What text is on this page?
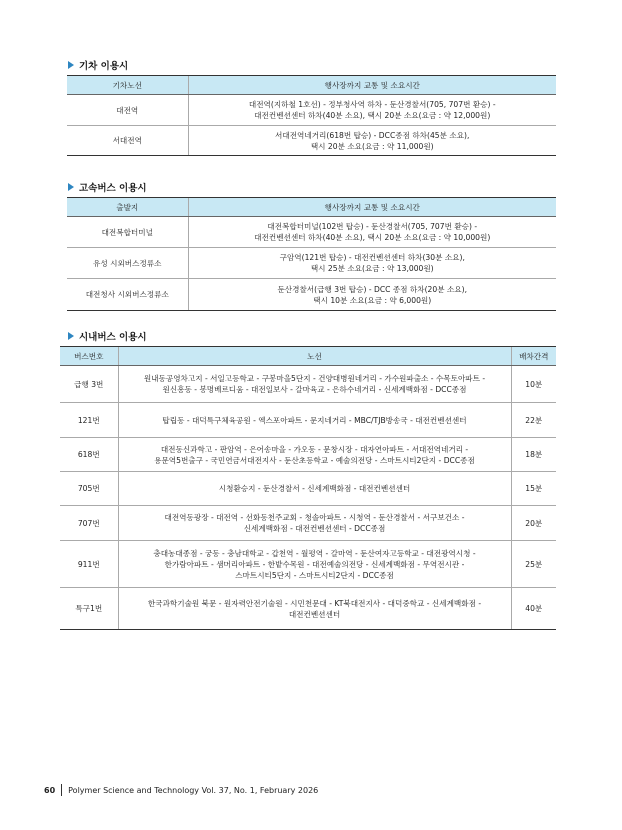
기차 이용시
기차노선	행사장까지 교통 및 소요시간
대전역	대전역(지하철 1호선) - 정부청사역 하차 - 둔산경찰서(705, 707번 환승) -
대전컨벤션센터 하차(40분 소요), 택시 20분 소요(요금 : 약 12,000원)
서대전역	서대전역네거리(618번 탑승) - DCC종점 하차(45분 소요),
택시 20분 소요(요금 : 약 11,000원)
고속버스 이용시
출발지	행사장까지 교통 및 소요시간
대전복합터미널	대전복합터미널(102번 탑승) - 둔산경찰서(705, 707번 환승) -
대전컨벤션센터 하차(40분 소요), 택시 20분 소요(요금 : 약 10,000원)
유성 시외버스정류소	구암역(121번 탑승) - 대전컨벤션센터 하차(30분 소요),
택시 25분 소요(요금 : 약 13,000원)
대전청사 시외버스정류소	둔산경찰서(급행 3번 탑승) - DCC 종점 하차(20분 소요),
택시 10분 소요(요금 : 약 6,000원)
시내버스 이용시
버스번호	노선	배차간격
급행 3번	원내동공영차고지 - 서일고등학교 - 구봉마을5단지 - 건양대병원네거리 - 가수원파출소 - 수목토아파트 -
원신흥동 - 봉명베르디움 - 대전일보사 - 갈마육교 - 은하수네거리 - 신세계백화점 - DCC종점	10분
121번	탑립동 - 대덕특구체육공원 - 엑스포아파트 - 문지네거리 - MBC/TJB방송국 - 대전컨벤션센터	22분
618번	대전동신과학고 - 판암역 - 은어송마을 - 가오동 - 문창시장 - 대자연아파트 - 서대전역네거리 -
용문역5번출구 - 국민연금서대전지사 - 둔산초등학교 - 예술의전당 - 스마트시티2단지 - DCC종점	18분
705번	시청환승지 - 둔산경찰서 - 신세계백화점 - 대전컨벤션센터	15분
707번	대전역동광장 - 대전역 - 선화동천주교회 - 청솔아파트 - 시청역 - 둔산경찰서 - 서구보건소 -
신세계백화점 - 대전컨벤션센터 - DCC종점	20분
911번	충대농대종점 - 궁동 - 충남대학교 - 갑천역 - 월평역 - 갈마역 - 둔산여자고등학교 - 대전광역시청 -
한가람아파트 - 샘머리아파트 - 한밭수목원 - 대전예술의전당 - 신세계백화점 - 무역전시관 -
스마트시티5단지 - 스마트시티2단지 - DCC종점	25분
특구1번	한국과학기술원 북문 - 원자력안전기술원 - 시민천문대 - KT북대전지사 - 대덕중학교 - 신세계백화점 -
대전컨벤션센터	40분
60 Polymer Science and Technology Vol. 37, No. 1, February 2026
